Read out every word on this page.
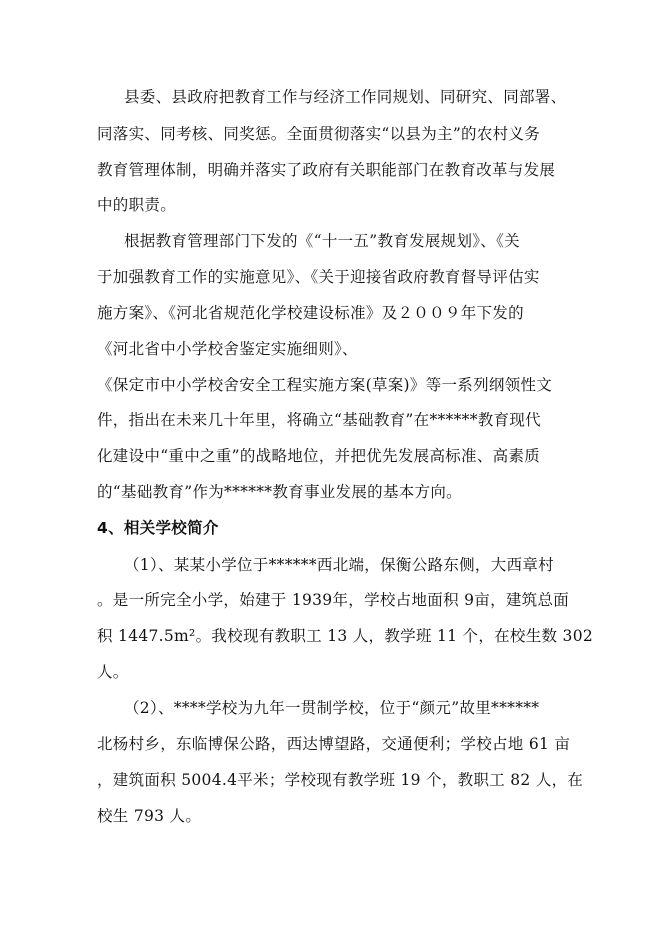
县委、县政府把教育工作与经济工作同规划、同研究、同部署、
同落实、同考核、同奖惩。全面贯彻落实“以县为主”的农村义务
教育管理体制，明确并落实了政府有关职能部门在教育改革与发展
中的职责。
根据教育管理部门下发的《“十一五”教育发展规划》、《关
于加强教育工作的实施意见》、《关于迎接省政府教育督导评估实
施方案》、《河北省规范化学校建设标准》及２００９年下发的
《河北省中小学校舍鉴定实施细则》、
《保定市中小学校舍安全工程实施方案(草案)》等一系列纲领性文
件，指出在未来几十年里，将确立“基础教育”在******教育现代
化建设中“重中之重”的战略地位，并把优先发展高标准、高素质
的“基础教育”作为******教育事业发展的基本方向。
4、相关学校简介
（1）、某某小学位于******西北端，保衡公路东侧，大西章村
。是一所完全小学，始建于 1939年，学校占地面积 9亩，建筑总面
积 1447.5m²。我校现有教职工 13 人，教学班 11 个，在校生数 302
人。
（2）、****学校为九年一贯制学校，位于“颜元”故里******
北杨村乡，东临博保公路，西达博望路，交通便利；学校占地 61 亩
，建筑面积 5004.4平米；学校现有教学班 19 个，教职工 82 人，在
校生 793 人。
